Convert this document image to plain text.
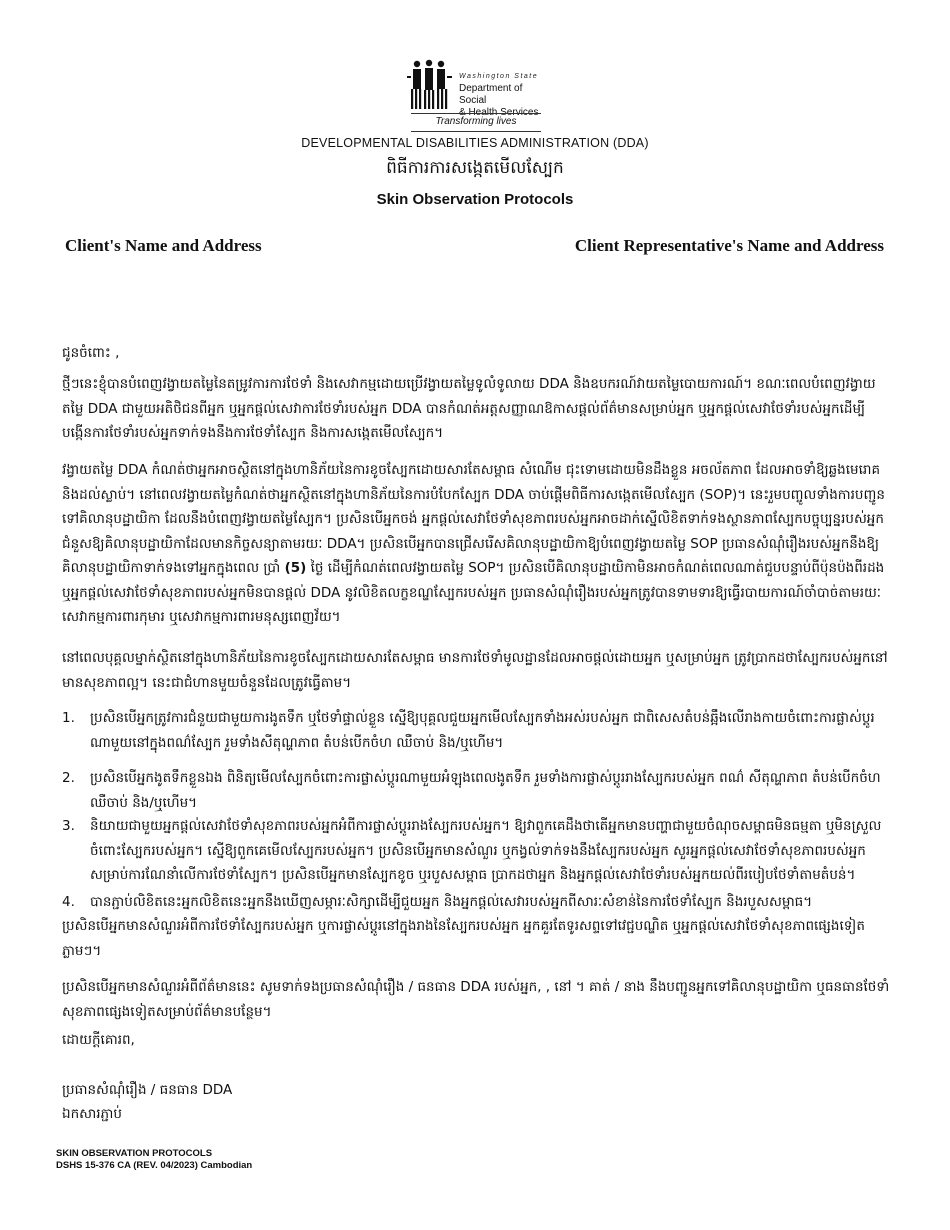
Washington State
Department of Social
Transforming lives
DEVELOPMENTAL DISABILITIES ADMINISTRATION (DDA)
ពិធីការការសង្កេតមើលស្បែក
Skin Observation Protocols
Client's Name and Address	Client Representative's Name and Address
ជូនចំពោះ ,
ថ្មីៗនេះខ្ញុំបានបំពេញវង្វាយតម្លៃនៃតម្រូវការការថែទាំ និងសេវាកម្មដោយប្រើវង្វាយតម្លៃទូលំទូលាយ DDA និងឧបករណ៍វាយតម្លៃបោយការណ៍។ ខណៈពេលបំពេញវង្វាយតម្លៃ DDA ជាមួយអតិថិជនពីអ្នក ឬអ្នកផ្តល់សេវាការថែទាំរបស់អ្នក DDA បានកំណត់អត្តសញ្ញាណឱកាសផ្តល់ព័ត៌មានសម្រាប់អ្នក ឬអ្នកផ្តល់សេវាថែទាំរបស់អ្នកដើម្បីបង្កើនការថែទាំរបស់អ្នកទាក់ទងនឹងការថែទាំស្បែក និងការសង្កេតមើលស្បែក។
វង្វាយតម្លៃ DDA កំណត់ថាអ្នកអាចស្ថិតនៅក្នុងហានិភ័យនៃការខូចស្បែកដោយសារតែសម្ពាធ សំណើម ជុះទោមដោយមិនដឹងខ្លួន អចល័តភាព ដែលអាចទាំឱ្យឆ្លងមេរោគ និងដល់ស្លាប់។ នៅពេលវង្វាយតម្លៃកំណត់ថាអ្នកស្ថិតនៅក្នុងហានិភ័យនៃការបំបែកស្បែក DDA ចាប់ផ្តើមពិធីការសង្កេតមើលស្បែក (SOP)។ នេះរួមបញ្ចូលទាំងការបញ្ជូនទៅគិលានុបដ្ឋាយិកា ដែលនឹងបំពេញវង្វាយតម្លៃស្បែក។ ប្រសិនបើអ្នកចង់ អ្នកផ្តល់សេវាថែទាំសុខភាពរបស់អ្នកអាចដាក់ស្នើលិខិតទាក់ទងស្ថានភាពស្បែកបច្ចុប្បន្នរបស់អ្នកជំនួសឱ្យគិលានុបដ្ឋាយិកាដែលមានកិច្ចសន្យាតាមរយៈ DDA។ ប្រសិនបើអ្នកបានជ្រើសរើសគិលានុបដ្ឋាយិកាឱ្យបំពេញវង្វាយតម្លៃ SOP ប្រធានសំណុំរឿងរបស់អ្នកនឹងឱ្យគិលានុបដ្ឋាយិកាទាក់ទងទៅអ្នកក្នុងពេល ប្រាំ (5) ថ្ងៃ ដើម្បីកំណត់ពេលវង្វាយតម្លៃ SOP។ ប្រសិនបើគិលានុបដ្ឋាយិកាមិនអាចកំណត់ពេលណាត់ជួបបន្ទាប់ពីប៉ុនប៉ងពីរដង ឬអ្នកផ្តល់សេវាថែទាំសុខភាពរបស់អ្នកមិនបានផ្តល់ DDA នូវលិខិតលក្ខខណ្ឌស្បែករបស់អ្នក ប្រធានសំណុំរឿងរបស់អ្នកត្រូវបានទាមទារឱ្យធ្វើរបាយការណ៍ចាំបាច់តាមរយៈសេវាកម្មការពារកុមារ ឬសេវាកម្មការពារមនុស្សពេញវ័យ។
នៅពេលបុគ្គលម្នាក់ស្ថិតនៅក្នុងហានិភ័យនៃការខូចស្បែកដោយសារតែសម្ពាធ មានការថែទាំមូលដ្ឋានដែលអាចផ្តល់ដោយអ្នក ឬសម្រាប់អ្នក ត្រូវប្រាកដថាស្បែករបស់អ្នកនៅមានសុខភាពល្អ។ នេះជាជំហានមួយចំនួនដែលត្រូវធ្វើតាម។
1.	ប្រសិនបើអ្នកត្រូវការជំនួយជាមួយការងូតទឹក ឬថែទាំផ្ទាល់ខ្លួន ស្នើឱ្យបុគ្គលជួយអ្នកមើលស្បែកទាំងអស់របស់អ្នក ជាពិសេសតំបន់ឆ្អឹងលើរាងកាយចំពោះការផ្លាស់ប្តូរណាមួយនៅក្នុងពណ៌ស្បែក រួមទាំងសីតុណ្ហភាព តំបន់បើកចំហ ឈឺចាប់ និង/ឬហើម។
2.	ប្រសិនបើអ្នកងូតទឹកខ្លួនឯង ពិនិត្យមើលស្បែកចំពោះការផ្លាស់ប្តូរណាមួយអំឡុងពេលងូតទឹក រួមទាំងការផ្លាស់ប្តូររាងស្បែករបស់អ្នក ពណ៌ សីតុណ្ហភាព តំបន់បើកចំហ ឈឺចាប់ និង/ឬហើម។
3.	និយាយជាមួយអ្នកផ្តល់សេវាថែទាំសុខភាពរបស់អ្នកអំពីការផ្លាស់ប្តូររាងស្បែករបស់អ្នក។ ឱ្យវាពួកគេដឹងថាតើអ្នកមានបញ្ហាជាមួយចំណុចសម្ពាធមិនធម្មតា ឬមិនស្រួលចំពោះស្បែករបស់អ្នក។ ស្នើឱ្យពួកគេមើលស្បែករបស់អ្នក។ ប្រសិនបើអ្នកមានសំណួរ ឬកង្វល់ទាក់ទងនឹងស្បែករបស់អ្នក សួរអ្នកផ្តល់សេវាថែទាំសុខភាពរបស់អ្នកសម្រាប់ការណែនាំលើការថែទាំស្បែក។ ប្រសិនបើអ្នកមានស្បែកខូច ឬរបួសសម្ពាធ ប្រាកដថាអ្នក និងអ្នកផ្តល់សេវាថែទាំរបស់អ្នកយល់ពីរបៀបថែទាំតាមតំបន់។
4.	បានភ្ជាប់លិខិតនេះអ្នកលិខិតនេះអ្នកនឹងឃើញសម្ភារៈសិក្សាដើម្បីជួយអ្នក និងអ្នកផ្តល់សេវារបស់អ្នកពីសារៈសំខាន់នៃការថែទាំស្បែក និងរបួសសម្ពាធ។
ប្រសិនបើអ្នកមានសំណួរអំពីការថែទាំស្បែករបស់អ្នក ឬការផ្លាស់ប្តូរនៅក្នុងរាងនៃស្បែករបស់អ្នក អ្នកគួរតែទូរសព្ទទៅវេជ្ជបណ្ឌិត ឬអ្នកផ្តល់សេវាថែទាំសុខភាពផ្សេងទៀតភ្លាមៗ។
ប្រសិនបើអ្នកមានសំណួរអំពីព័ត៌មាននេះ សូមទាក់ទងប្រធានសំណុំរឿង / ធនធាន DDA របស់អ្នក, , នៅ ។ គាត់ / នាង នឹងបញ្ជូនអ្នកទៅគិលានុបដ្ឋាយិកា ឬធនធានថែទាំសុខភាពផ្សេងទៀតសម្រាប់ព័ត៌មានបន្ថែម។
ដោយក្តីគោរព,
ប្រធានសំណុំរឿង / ធនធាន DDA
ឯកសារភ្ជាប់
SKIN OBSERVATION PROTOCOLS
DSHS 15-376 CA (REV. 04/2023) Cambodian
